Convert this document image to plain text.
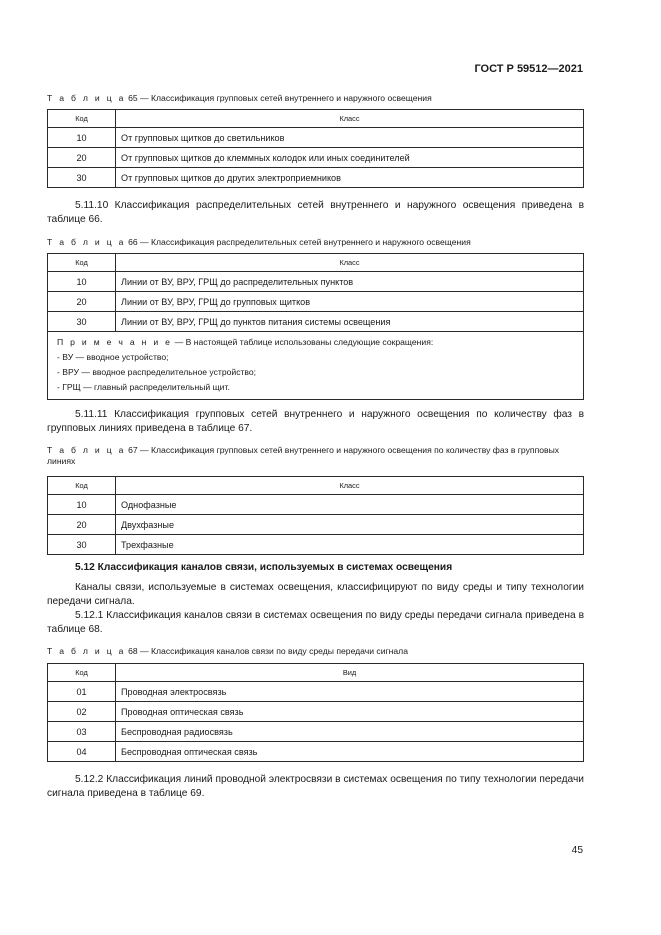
ГОСТ Р 59512—2021
Т а б л и ц а 65 — Классификация групповых сетей внутреннего и наружного освещения
Код	Класс
10	От групповых щитков до светильников
20	От групповых щитков до клеммных колодок или иных соединителей
30	От групповых щитков до других электроприемников
5.11.10 Классификация распределительных сетей внутреннего и наружного освещения приведена в таблице 66.
Т а б л и ц а 66 — Классификация распределительных сетей внутреннего и наружного освещения
Код	Класс
10	Линии от ВУ, ВРУ, ГРЩ до распределительных пунктов
20	Линии от ВУ, ВРУ, ГРЩ до групповых щитков
30	Линии от ВУ, ВРУ, ГРЩ до пунктов питания системы освещения

П р и м е ч а н и е — В настоящей таблице использованы следующие сокращения:
- ВУ — вводное устройство;
- ВРУ — вводное распределительное устройство;
- ГРЩ — главный распределительный щит.	
5.11.11 Классификация групповых сетей внутреннего и наружного освещения по количеству фаз в групповых линиях приведена в таблице 67.
Т а б л и ц а 67 — Классификация групповых сетей внутреннего и наружного освещения по количеству фаз в групповых линиях
Код	Класс
10	Однофазные
20	Двухфазные
30	Трехфазные
5.12 Классификация каналов связи, используемых в системах освещения
Каналы связи, используемые в системах освещения, классифицируют по виду среды и типу технологии передачи сигнала.
5.12.1 Классификация каналов связи в системах освещения по виду среды передачи сигнала приведена в таблице 68.
Т а б л и ц а 68 — Классификация каналов связи по виду среды передачи сигнала
Код	Вид
01	Проводная электросвязь
02	Проводная оптическая связь
03	Беспроводная радиосвязь
04	Беспроводная оптическая связь
5.12.2 Классификация линий проводной электросвязи в системах освещения по типу технологии передачи сигнала приведена в таблице 69.
45
